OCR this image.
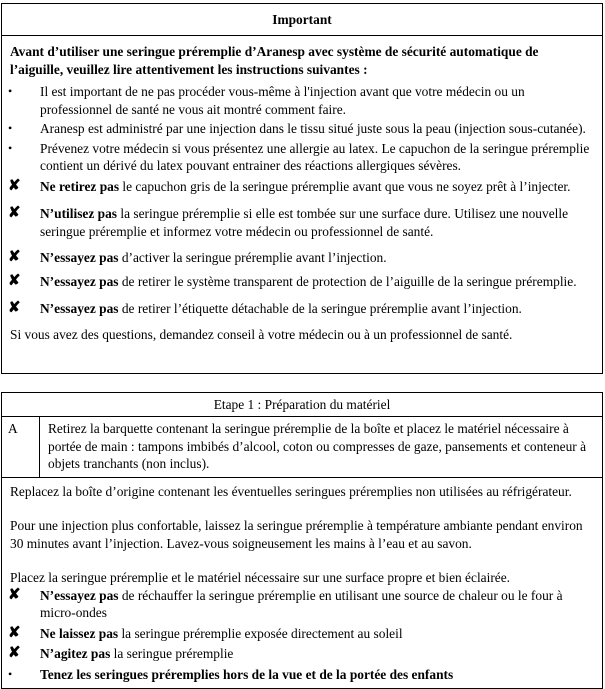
Important
Avant d’utiliser une seringue préremplie d’Aranesp avec système de sécurité automatique de l’aiguille, veuillez lire attentivement les instructions suivantes :
•	Il est important de ne pas procéder vous-même à l'injection avant que votre médecin ou un professionnel de santé ne vous ait montré comment faire.
•	Aranesp est administré par une injection dans le tissu situé juste sous la peau (injection sous-cutanée).
•	Prévenez votre médecin si vous présentez une allergie au latex. Le capuchon de la seringue préremplie contient un dérivé du latex pouvant entrainer des réactions allergiques sévères.
✘	Ne retirez pas le capuchon gris de la seringue préremplie avant que vous ne soyez prêt à l’injecter.
✘	N’utilisez pas la seringue préremplie si elle est tombée sur une surface dure. Utilisez une nouvelle seringue préremplie et informez votre médecin ou professionnel de santé.
✘	N’essayez pas d’activer la seringue préremplie avant l’injection.
✘	N’essayez pas de retirer le système transparent de protection de l’aiguille de la seringue préremplie.
✘	N’essayez pas de retirer l’étiquette détachable de la seringue préremplie avant l’injection.
Si vous avez des questions, demandez conseil à votre médecin ou à un professionnel de santé.
Etape 1 : Préparation du matériel
A	Retirez la barquette contenant la seringue préremplie de la boîte et placez le matériel nécessaire à portée de main : tampons imbibés d’alcool, coton ou compresses de gaze, pansements et conteneur à objets tranchants (non inclus).
Replacez la boîte d’origine contenant les éventuelles seringues préremplies non utilisées au réfrigérateur.
Pour une injection plus confortable, laissez la seringue préremplie à température ambiante pendant environ 30 minutes avant l’injection. Lavez-vous soigneusement les mains à l’eau et au savon.
Placez la seringue préremplie et le matériel nécessaire sur une surface propre et bien éclairée.
✘	N’essayez pas de réchauffer la seringue préremplie en utilisant une source de chaleur ou le four à micro-ondes
✘	Ne laissez pas la seringue préremplie exposée directement au soleil
✘	N’agitez pas la seringue préremplie
•	Tenez les seringues préremplies hors de la vue et de la portée des enfants
